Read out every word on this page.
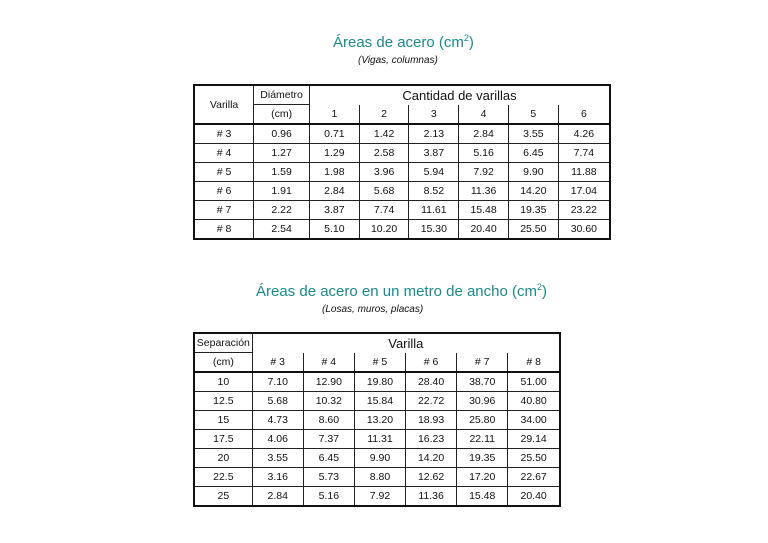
Áreas de acero $(cm^2)$
(Vigas, columnas)
Varilla	Diámetro	Cantidad de varillas					
	(cm)	1	2	3	4	5	6
# 3	0.96	0.71	1.42	2.13	2.84	3.55	4.26
# 4	1.27	1.29	2.58	3.87	5.16	6.45	7.74
# 5	1.59	1.98	3.96	5.94	7.92	9.90	11.88
# 6	1.91	2.84	5.68	8.52	11.36	14.20	17.04
# 7	2.22	3.87	7.74	11.61	15.48	19.35	23.22
# 8	2.54	5.10	10.20	15.30	20.40	25.50	30.60
Áreas de acero en un metro de ancho $(cm^2)$
(Losas, muros, placas)
Separación	Varilla					
(cm)	# 3	# 4	# 5	# 6	# 7	# 8
10	7.10	12.90	19.80	28.40	38.70	51.00
12.5	5.68	10.32	15.84	22.72	30.96	40.80
15	4.73	8.60	13.20	18.93	25.80	34.00
17.5	4.06	7.37	11.31	16.23	22.11	29.14
20	3.55	6.45	9.90	14.20	19.35	25.50
22.5	3.16	5.73	8.80	12.62	17.20	22.67
25	2.84	5.16	7.92	11.36	15.48	20.40
